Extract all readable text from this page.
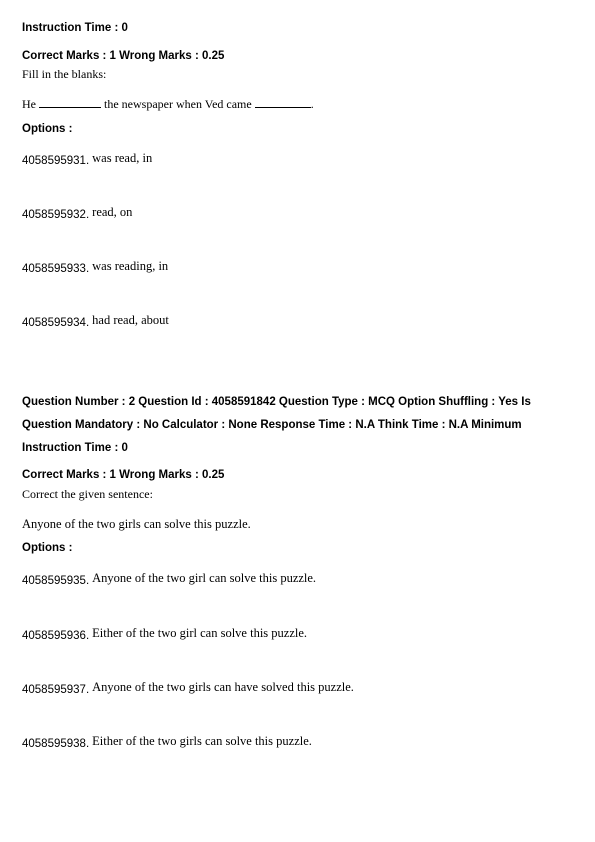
Instruction Time : 0
Correct Marks : 1 Wrong Marks : 0.25
Fill in the blanks:
He	the newspaper when Ved came	.
Options :
4058595931. was read, in
4058595932. read, on
4058595933. was reading, in
4058595934. had read, about
Question Number : 2 Question Id : 4058591842 Question Type : MCQ Option Shuffling : Yes Is
Question Mandatory : No Calculator : None Response Time : N.A Think Time : N.A Minimum
Instruction Time : 0
Correct Marks : 1 Wrong Marks : 0.25
Correct the given sentence:
Anyone of the two girls can solve this puzzle.
Options :
4058595935. Anyone of the two girl can solve this puzzle.
4058595936. Either of the two girl can solve this puzzle.
4058595937. Anyone of the two girls can have solved this puzzle.
4058595938. Either of the two girls can solve this puzzle.
